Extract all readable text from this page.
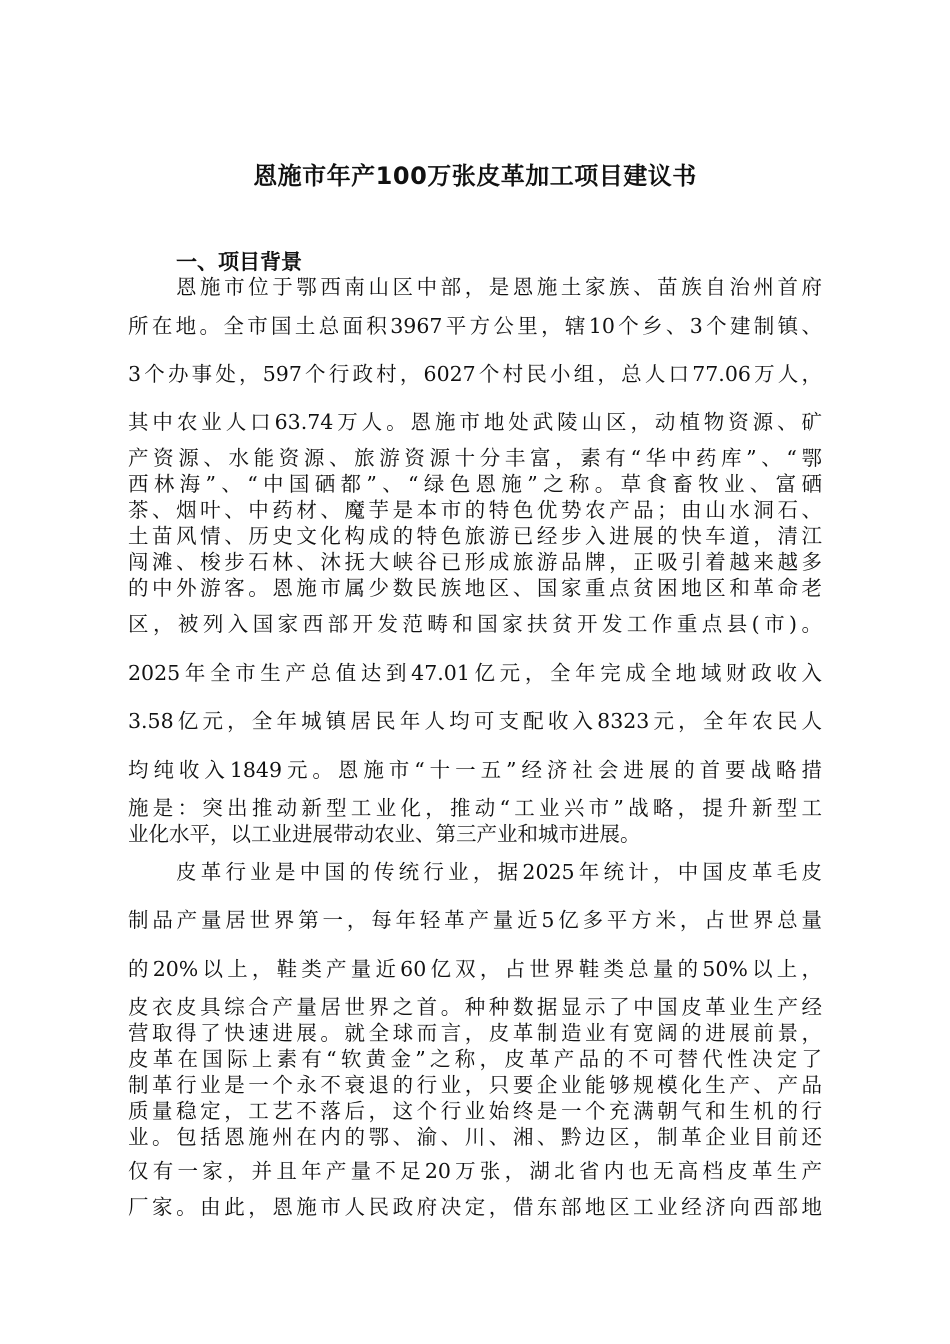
恩施市年产100万张皮革加工项目建议书
一、项目背景
恩施市位于鄂西南山区中部，是恩施土家族、苗族自治州首府
所在地。全市国土总面积3967平方公里，辖10个乡、3个建制镇、
3个办事处，597个行政村，6027个村民小组，总人口77.06万人，
其中农业人口63.74万人。恩施市地处武陵山区，动植物资源、矿
产资源、水能资源、旅游资源十分丰富，素有“华中药库”、“鄂
西林海”、“中国硒都”、“绿色恩施”之称。草食畜牧业、富硒
茶、烟叶、中药材、魔芋是本市的特色优势农产品；由山水洞石、
土苗风情、历史文化构成的特色旅游已经步入进展的快车道，清江
闯滩、梭步石林、沐抚大峡谷已形成旅游品牌，正吸引着越来越多
的中外游客。恩施市属少数民族地区、国家重点贫困地区和革命老
区，被列入国家西部开发范畴和国家扶贫开发工作重点县(市)。
2025年全市生产总值达到47.01亿元，全年完成全地域财政收入
3.58亿元，全年城镇居民年人均可支配收入8323元，全年农民人
均纯收入1849元。恩施市“十一五”经济社会进展的首要战略措
施是：突出推动新型工业化，推动“工业兴市”战略，提升新型工
业化水平，以工业进展带动农业、第三产业和城市进展。
皮革行业是中国的传统行业，据2025年统计，中国皮革毛皮
制品产量居世界第一，每年轻革产量近5亿多平方米，占世界总量
的20%以上，鞋类产量近60亿双，占世界鞋类总量的50%以上，
皮衣皮具综合产量居世界之首。种种数据显示了中国皮革业生产经
营取得了快速进展。就全球而言，皮革制造业有宽阔的进展前景，
皮革在国际上素有“软黄金”之称，皮革产品的不可替代性决定了
制革行业是一个永不衰退的行业，只要企业能够规模化生产、产品
质量稳定，工艺不落后，这个行业始终是一个充满朝气和生机的行
业。包括恩施州在内的鄂、渝、川、湘、黔边区，制革企业目前还
仅有一家，并且年产量不足20万张，湖北省内也无高档皮革生产
厂家。由此，恩施市人民政府决定，借东部地区工业经济向西部地
